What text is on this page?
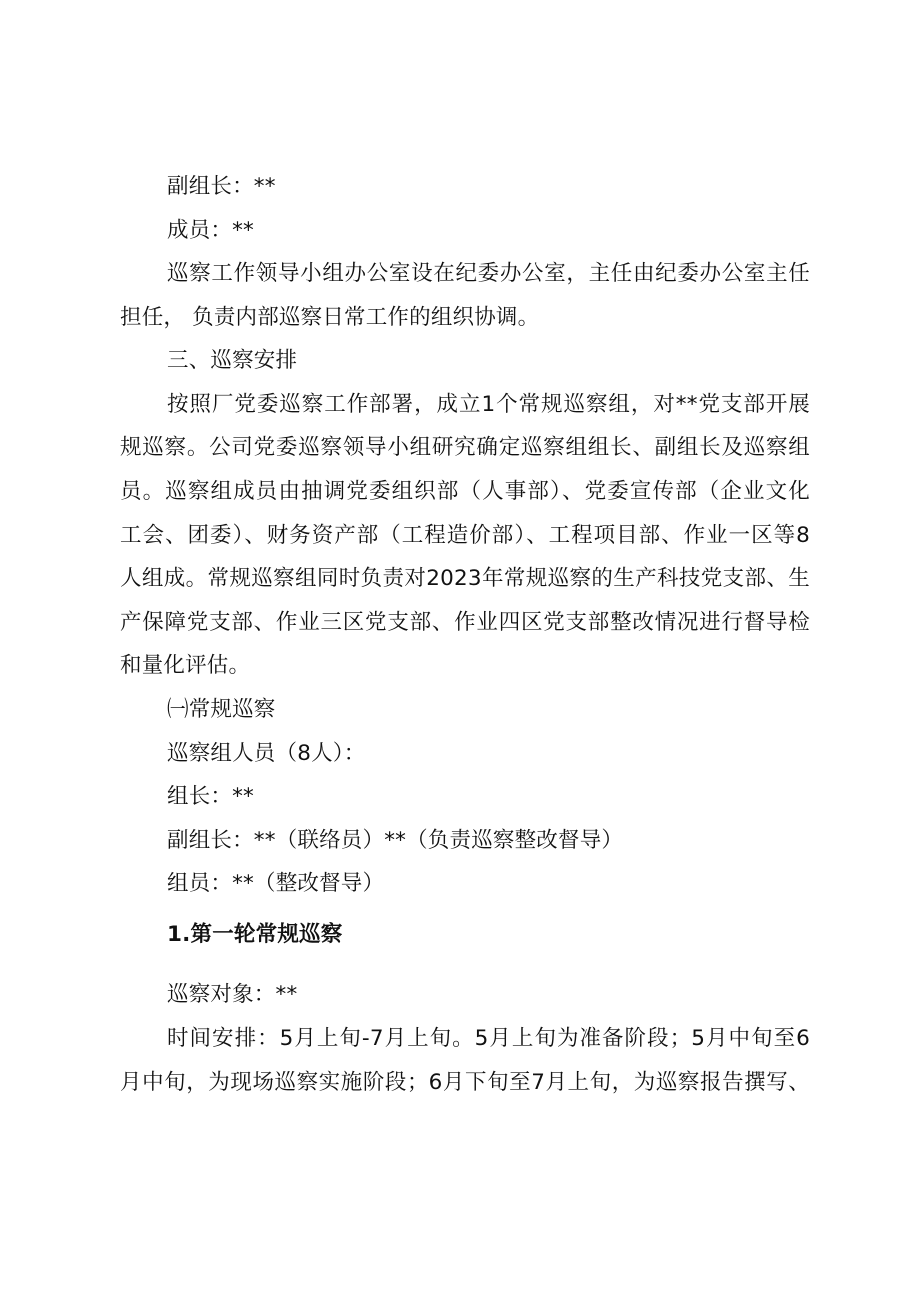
副组长：**
成员：**
巡察工作领导小组办公室设在纪委办公室，主任由纪委办公室主任
担任， 负责内部巡察日常工作的组织协调。
三、巡察安排
按照厂党委巡察工作部署，成立1个常规巡察组，对**党支部开展
规巡察。公司党委巡察领导小组研究确定巡察组组长、副组长及巡察组
员。巡察组成员由抽调党委组织部（人事部）、党委宣传部（企业文化
工会、团委）、财务资产部（工程造价部）、工程项目部、作业一区等8
人组成。常规巡察组同时负责对2023年常规巡察的生产科技党支部、生
产保障党支部、作业三区党支部、作业四区党支部整改情况进行督导检
和量化评估。
㈠常规巡察
巡察组人员（8人）：
组长：**
副组长：**（联络员）**（负责巡察整改督导）
组员：**（整改督导）
1.第一轮常规巡察
巡察对象：**
时间安排：5月上旬-7月上旬。5月上旬为准备阶段；5月中旬至6
月中旬，为现场巡察实施阶段；6月下旬至7月上旬，为巡察报告撰写、
